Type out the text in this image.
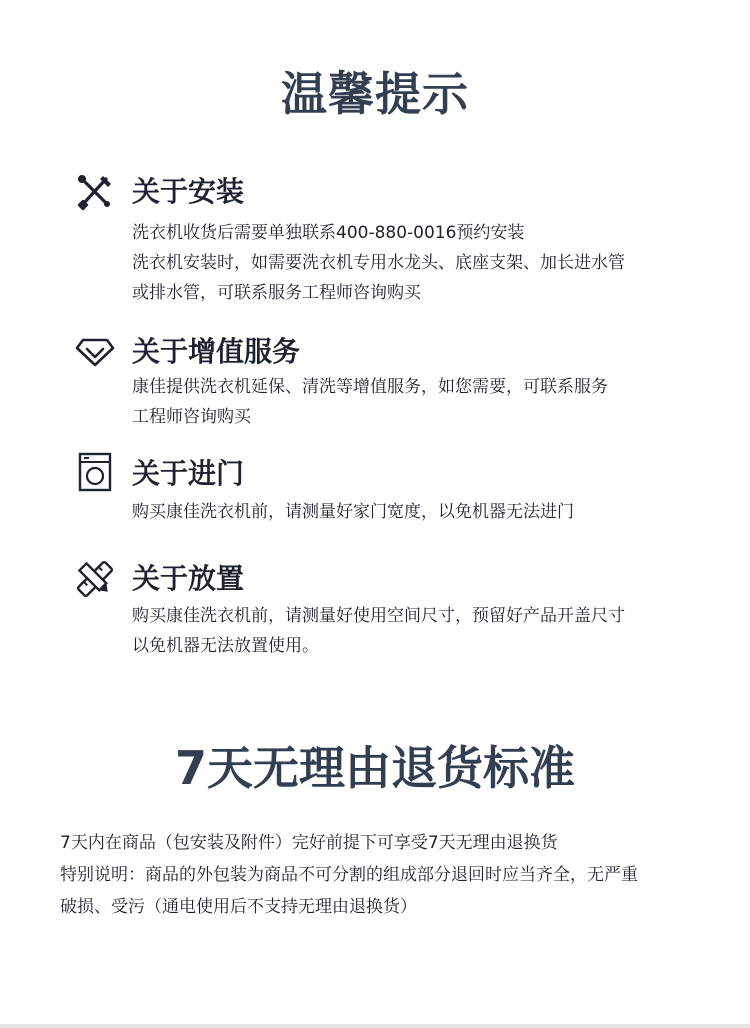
温馨提示
关于安装
洗衣机收货后需要单独联系400-880-0016预约安装
洗衣机安装时，如需要洗衣机专用水龙头、底座支架、加长进水管
或排水管，可联系服务工程师咨询购买
关于增值服务
康佳提供洗衣机延保、清洗等增值服务，如您需要，可联系服务
工程师咨询购买
关于进门
购买康佳洗衣机前，请测量好家门宽度，以免机器无法进门
关于放置
购买康佳洗衣机前，请测量好使用空间尺寸，预留好产品开盖尺寸
以免机器无法放置使用。
7天无理由退货标准
7天内在商品（包安装及附件）完好前提下可享受7天无理由退换货
特别说明：商品的外包装为商品不可分割的组成部分退回时应当齐全，无严重
破损、受污（通电使用后不支持无理由退换货）
